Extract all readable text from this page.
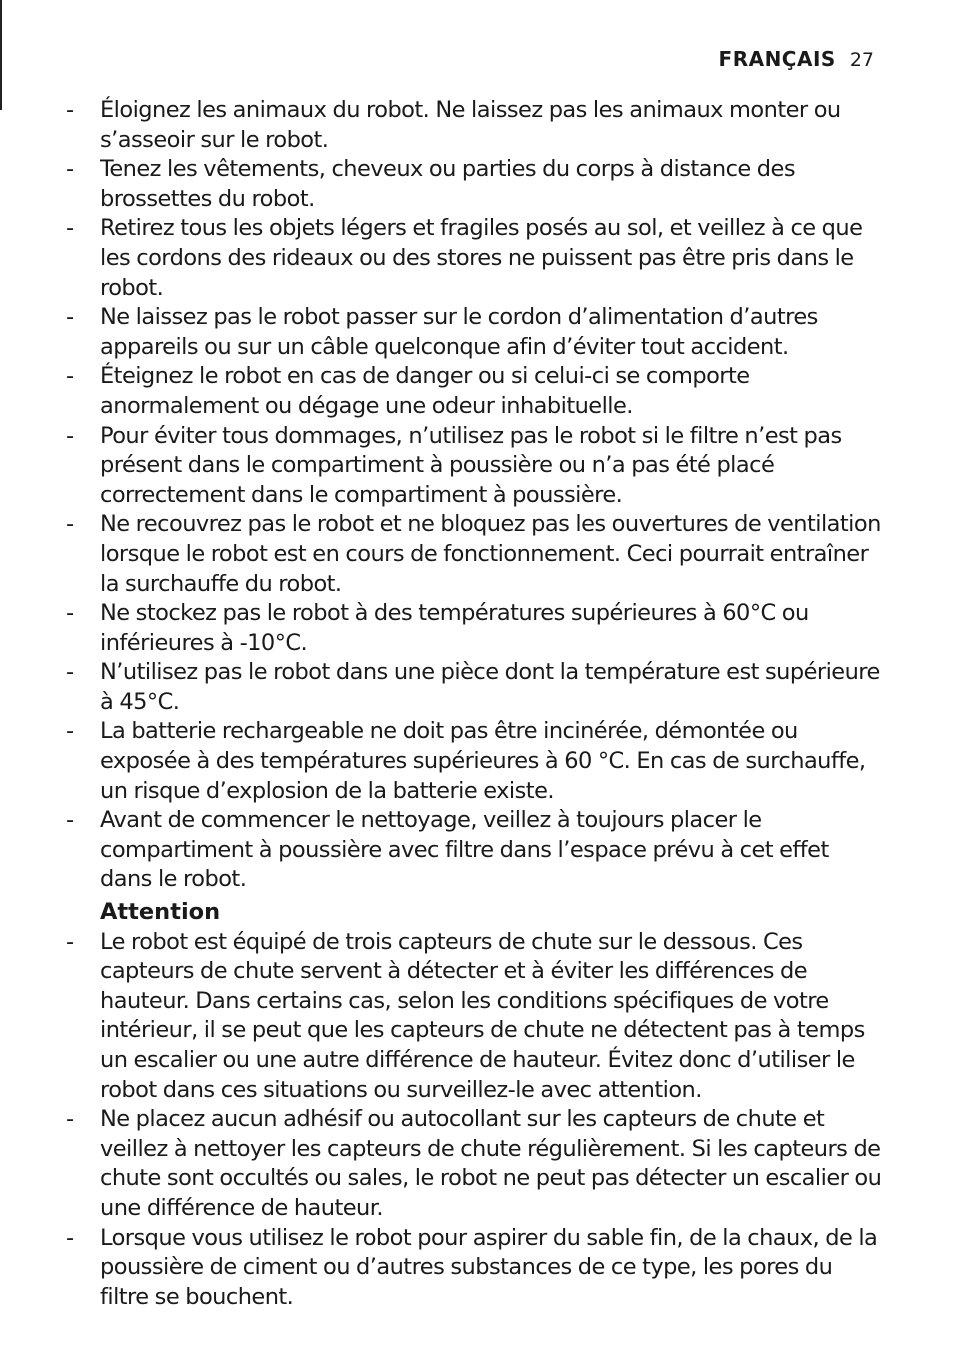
FRANÇAIS 27
- Éloignez les animaux du robot. Ne laissez pas les animaux monter ou s’asseoir sur le robot.
- Tenez les vêtements, cheveux ou parties du corps à distance des brossettes du robot.
- Retirez tous les objets légers et fragiles posés au sol, et veillez à ce que les cordons des rideaux ou des stores ne puissent pas être pris dans le robot.
- Ne laissez pas le robot passer sur le cordon d’alimentation d’autres appareils ou sur un câble quelconque afin d’éviter tout accident.
- Éteignez le robot en cas de danger ou si celui-ci se comporte anormalement ou dégage une odeur inhabituelle.
- Pour éviter tous dommages, n’utilisez pas le robot si le filtre n’est pas présent dans le compartiment à poussière ou n’a pas été placé correctement dans le compartiment à poussière.
- Ne recouvrez pas le robot et ne bloquez pas les ouvertures de ventilation lorsque le robot est en cours de fonctionnement. Ceci pourrait entraîner la surchauffe du robot.
- Ne stockez pas le robot à des températures supérieures à 60°C ou inférieures à -10°C.
- N’utilisez pas le robot dans une pièce dont la température est supérieure à 45°C.
- La batterie rechargeable ne doit pas être incinérée, démontée ou exposée à des températures supérieures à 60 °C. En cas de surchauffe, un risque d’explosion de la batterie existe.
- Avant de commencer le nettoyage, veillez à toujours placer le compartiment à poussière avec filtre dans l’espace prévu à cet effet dans le robot.
Attention
- Le robot est équipé de trois capteurs de chute sur le dessous. Ces capteurs de chute servent à détecter et à éviter les différences de hauteur. Dans certains cas, selon les conditions spécifiques de votre intérieur, il se peut que les capteurs de chute ne détectent pas à temps un escalier ou une autre différence de hauteur. Évitez donc d’utiliser le robot dans ces situations ou surveillez-le avec attention.
- Ne placez aucun adhésif ou autocollant sur les capteurs de chute et veillez à nettoyer les capteurs de chute régulièrement. Si les capteurs de chute sont occultés ou sales, le robot ne peut pas détecter un escalier ou une différence de hauteur.
- Lorsque vous utilisez le robot pour aspirer du sable fin, de la chaux, de la poussière de ciment ou d’autres substances de ce type, les pores du filtre se bouchent.
